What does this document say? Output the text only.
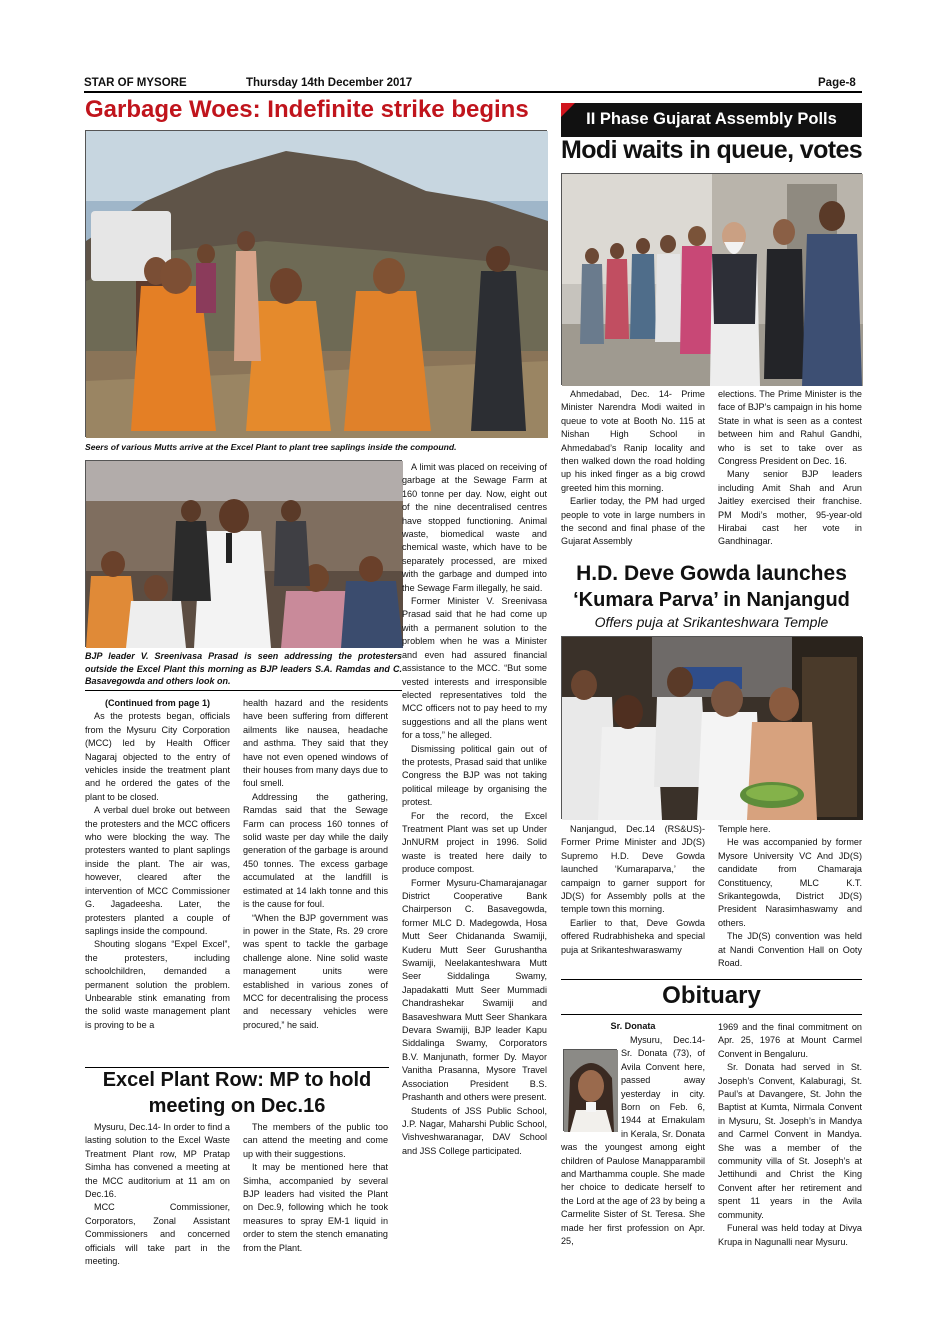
STAR OF MYSORE	Thursday 14th December 2017	Page-8
Garbage Woes: Indefinite strike begins
Seers of various Mutts arrive at the Excel Plant to plant tree saplings inside the compound.
BJP leader V. Sreenivasa Prasad is seen addressing the protesters outside the Excel Plant this morning as BJP leaders S.A. Ramdas and C. Basavegowda and others look on.

(Continued from page 1)

As the protests began, officials from the Mysuru City Corporation (MCC) led by Health Officer Nagaraj objected to the entry of vehicles inside the treatment plant and he ordered the gates of the plant to be closed.

A verbal duel broke out between the protesters and the MCC officers who were blocking the way. The protesters wanted to plant saplings inside the plant. The air was, however, cleared after the intervention of MCC Commissioner G. Jagadeesha. Later, the protesters planted a couple of saplings inside the compound.

Shouting slogans “Expel Excel”, the protesters, including schoolchildren, demanded a permanent solution the problem. Unbearable stink emanating from the solid waste management plant is proving to be a

health hazard and the residents have been suffering from different ailments like nausea, headache and asthma. They said that they have not even opened windows of their houses from many days due to foul smell.

Addressing the gathering, Ramdas said that the Sewage Farm can process 160 tonnes of solid waste per day while the daily generation of the garbage is around 450 tonnes. The excess garbage accumulated at the landfill is estimated at 14 lakh tonne and this is the cause for foul.

“When the BJP government was in power in the State, Rs. 29 crore was spent to tackle the garbage challenge alone. Nine solid waste management units were established in various zones of MCC for decentralising the process and necessary vehicles were procured,” he said.

A limit was placed on receiving of garbage at the Sewage Farm at 160 tonne per day. Now, eight out of the nine decentralised centres have stopped functioning. Animal waste, biomedical waste and chemical waste, which have to be separately processed, are mixed with the garbage and dumped into the Sewage Farm illegally, he said.

Former Minister V. Sreenivasa Prasad said that he had come up with a permanent solution to the problem when he was a Minister and even had assured financial assistance to the MCC. “But some vested interests and irresponsible elected representatives told the MCC officers not to pay heed to my suggestions and all the plans went for a toss,” he alleged.

Dismissing political gain out of the protests, Prasad said that unlike Congress the BJP was not taking political mileage by organising the protest.

For the record, the Excel Treatment Plant was set up Under JnNURM project in 1996. Solid waste is treated here daily to produce compost.

Former Mysuru-Chamarajanagar District Cooperative Bank Chairperson C. Basavegowda, former MLC D. Madegowda, Hosa Mutt Seer Chidananda Swamiji, Kuderu Mutt Seer Gurushantha Swamiji, Neelakanteshwara Mutt Seer Siddalinga Swamy, Japadakatti Mutt Seer Mummadi Chandrashekar Swamiji and Basaveshwara Mutt Seer Shankara Devara Swamiji, BJP leader Kapu Siddalinga Swamy, Corporators B.V. Manjunath, former Dy. Mayor Vanitha Prasanna, Mysore Travel Association President B.S. Prashanth and others were present.

Students of JSS Public School, J.P. Nagar, Maharshi Public School, Vishveshwaranagar, DAV School and JSS College participated.

Excel Plant Row: MP to hold
meeting on Dec.16

Mysuru, Dec.14- In order to find a lasting solution to the Excel Waste Treatment Plant row, MP Pratap Simha has convened a meeting at the MCC auditorium at 11 am on Dec.16.

MCC Commissioner, Corporators, Zonal Assistant Commissioners and concerned officials will take part in the meeting.

The members of the public too can attend the meeting and come up with their suggestions.

It may be mentioned here that Simha, accompanied by several BJP leaders had visited the Plant on Dec.9, following which he took measures to spray EM-1 liquid in order to stem the stench emanating from the Plant.

II Phase Gujarat Assembly Polls
Modi waits in queue, votes

Ahmedabad, Dec. 14- Prime Minister Narendra Modi waited in queue to vote at Booth No. 115 at Nishan High School in Ahmedabad’s Ranip locality and then walked down the road holding up his inked finger as a big crowd greeted him this morning.

Earlier today, the PM had urged people to vote in large numbers in the second and final phase of the Gujarat Assembly

elections. The Prime Minister is the face of BJP’s campaign in his home State in what is seen as a contest between him and Rahul Gandhi, who is set to take over as Congress President on Dec. 16.

Many senior BJP leaders including Amit Shah and Arun Jaitley exercised their franchise. PM Modi’s mother, 95-year-old Hirabai cast her vote in Gandhinagar.

H.D. Deve Gowda launches
‘Kumara Parva’ in Nanjangud
Offers puja at Srikanteshwara Temple

Nanjangud, Dec.14 (RS&US)- Former Prime Minister and JD(S) Supremo H.D. Deve Gowda launched ‘Kumaraparva,’ the campaign to garner support for JD(S) for Assembly polls at the temple town this morning.

Earlier to that, Deve Gowda offered Rudrabhisheka and special puja at Srikanteshwaraswamy

Temple here.

He was accompanied by former Mysore University VC And JD(S) candidate from Chamaraja Constituency, MLC K.T. Srikantegowda, District JD(S) President Narasimhaswamy and others.

The JD(S) convention was held at Nandi Convention Hall on Ooty Road.

Obituary
Sr. Donata

Mysuru, Dec.14- Sr. Donata (73), of Avila Convent here, passed away yesterday in city. Born on Feb. 6, 1944 at Ernakulam in Kerala, Sr. Donata was the youngest among eight children of Paulose Manapparambil and Marthamma couple. She made her choice to dedicate herself to the Lord at the age of 23 by being a Carmelite Sister of St. Teresa. She made her first profession on Apr. 25,

1969 and the final commitment on Apr. 25, 1976 at Mount Carmel Convent in Bengaluru.

Sr. Donata had served in St. Joseph’s Convent, Kalaburagi, St. Paul’s at Davangere, St. John the Baptist at Kumta, Nirmala Convent in Mysuru, St. Joseph’s in Mandya and Carmel Convent in Mandya. She was a member of the community villa of St. Joseph’s at Jettihundi and Christ the King Convent after her retirement and spent 11 years in the Avila community.

Funeral was held today at Divya Krupa in Nagunalli near Mysuru.
